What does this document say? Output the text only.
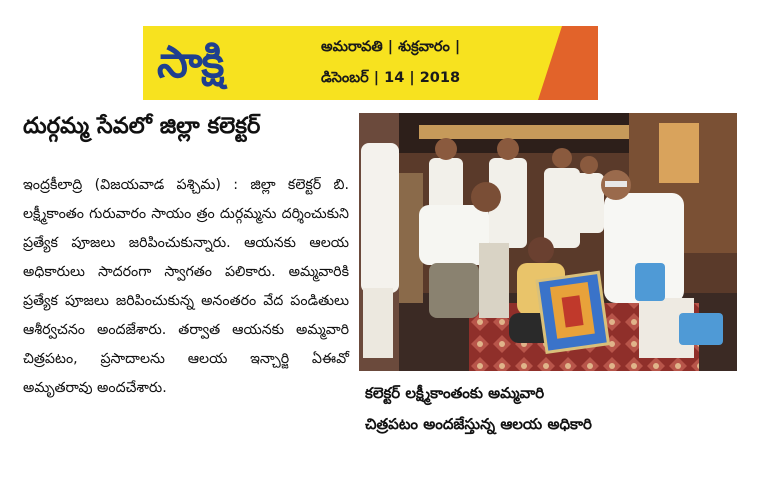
సాక్షి	అమరావతి | శుక్రవారం |
డిసెంబర్ | 14 | 2018
దుర్గమ్మ సేవలో జిల్లా కలెక్టర్

ఇంద్రకీలాద్రి (విజయవాడ పశ్చిమ) : జిల్లా కలెక్టర్ బి. లక్ష్మీకాంతం గురువారం సాయం త్రం దుర్గమ్మను దర్శించుకుని ప్రత్యేక పూజలు జరిపించుకున్నారు. ఆయనకు ఆలయ అధికారులు సాదరంగా స్వాగతం పలికారు. అమ్మవారికి ప్రత్యేక పూజలు జరిపించుకున్న అనంతరం వేద పండితులు ఆశీర్వచనం అందజేశారు. తర్వాత ఆయనకు అమ్మవారి చిత్రపటం, ప్రసాదాలను ఆలయ ఇన్చార్జి ఏఈవో అమృతరావు అందచేశారు.	కలెక్టర్ లక్ష్మీకాంతంకు అమ్మవారి
చిత్రపటం అందజేస్తున్న ఆలయ అధికారి
